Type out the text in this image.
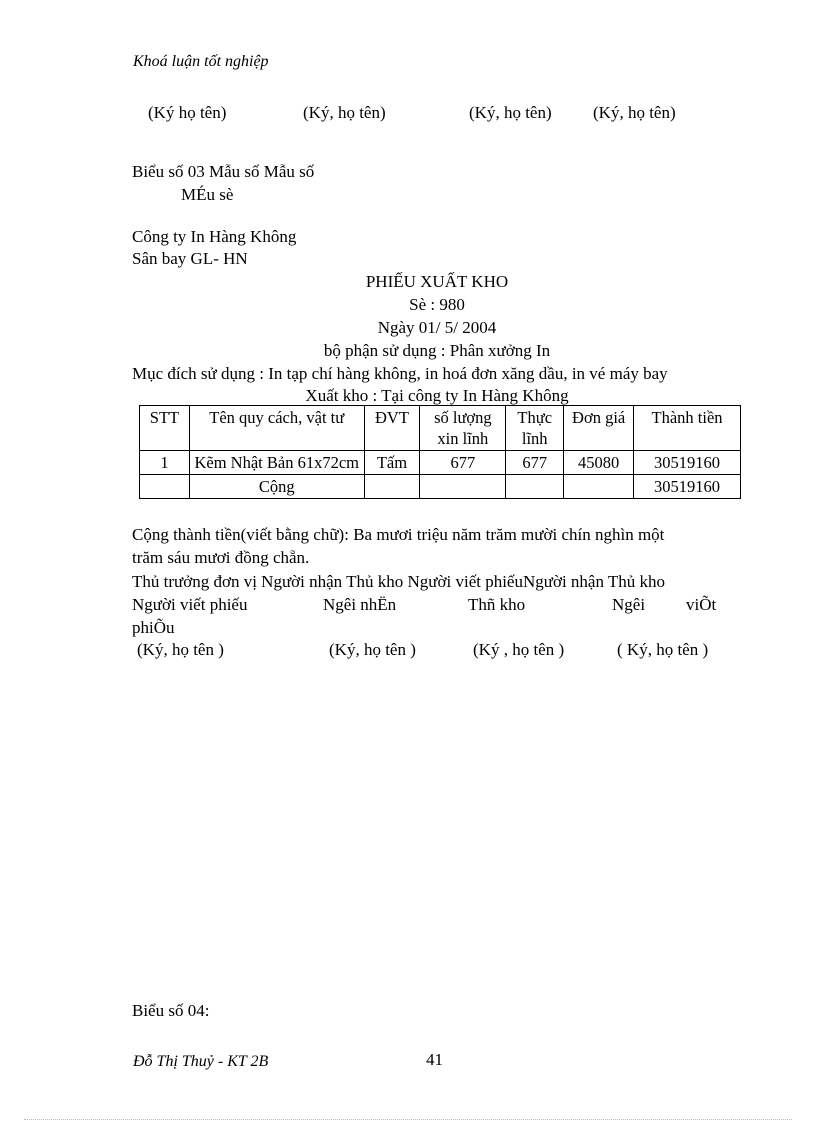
Khoá luận tốt nghiệp
(Ký họ tên)	(Ký, họ tên)	(Ký, họ tên) (Ký, họ tên)
Biểu số 03 Mẫu số Mẫu số
MÉu sè
Công ty In Hàng Không
Sân bay GL- HN
PHIẾU XUẤT KHO
Sè : 980
Ngày 01/ 5/ 2004
bộ phận sử dụng : Phân xưởng In
Mục đích sử dụng : In tạp chí hàng không, in hoá đơn xăng dầu, in vé máy bay
Xuất kho : Tại công ty In Hàng Không
STT	Tên quy cách, vật tư	ĐVT	số lượng xin lĩnh	Thực lĩnh	Đơn giá	Thành tiền
1	Kẽm Nhật Bản 61x72cm	Tấm	677	677	45080	30519160
	Cộng					30519160
Cộng thành tiền(viết bằng chữ): Ba mươi triệu năm trăm mười chín nghìn một
trăm sáu mươi đồng chẵn.
Thủ trưởng đơn vị Người nhận Thủ kho Người viết phiếuNgười nhận Thủ kho
Người viết phiếu	Ngêi nhËn	Thñ kho	Ngêi viÕt
phiÕu
(Ký, họ tên )	(Ký, họ tên )	(Ký , họ tên )	( Ký, họ tên )
Biểu số 04:
Đỗ Thị Thuỷ - KT 2B	41
